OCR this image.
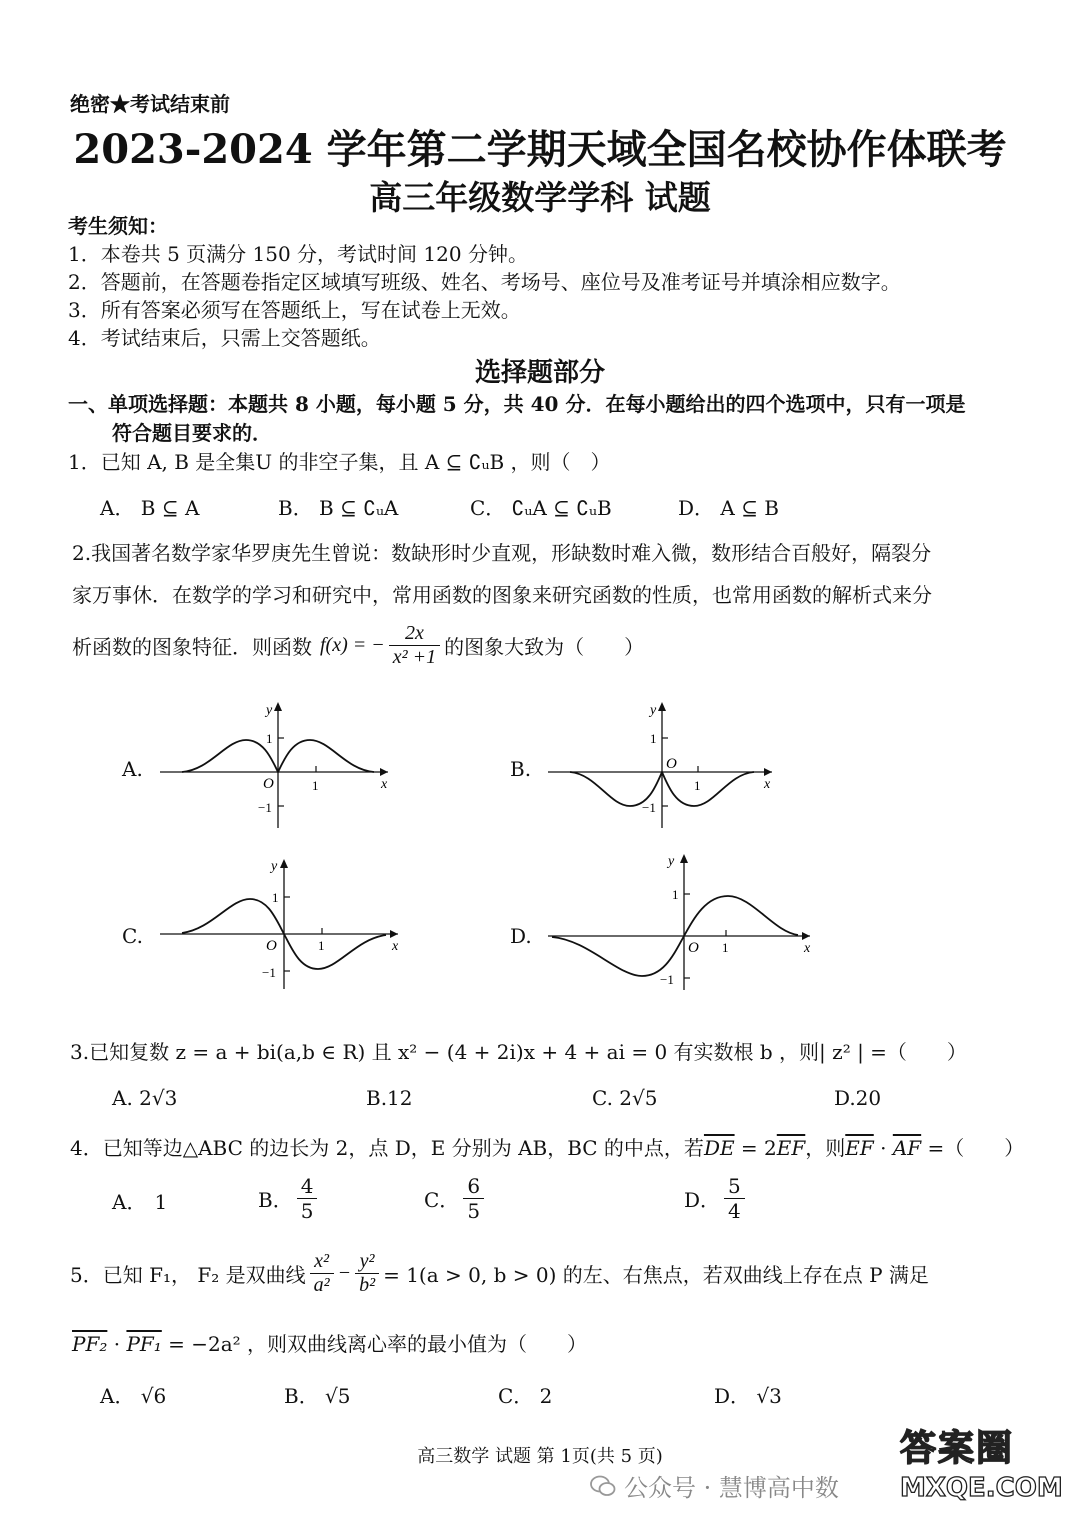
绝密★考试结束前
2023-2024 学年第二学期天域全国名校协作体联考
高三年级数学学科 试题
考生须知：
1．本卷共 5 页满分 150 分，考试时间 120 分钟。
2．答题前，在答题卷指定区域填写班级、姓名、考场号、座位号及准考证号并填涂相应数字。
3．所有答案必须写在答题纸上，写在试卷上无效。
4．考试结束后，只需上交答题纸。
选择题部分
一、单项选择题：本题共 8 小题，每小题 5 分，共 40 分．在每小题给出的四个选项中，只有一项是
符合题目要求的．
1．已知 A, B 是全集U 的非空子集，且 A ⊆ ∁ᵤB ，则（　）
A． B ⊆ A	B． B ⊆ ∁ᵤA	C． ∁ᵤA ⊆ ∁ᵤB	D． A ⊆ B
2.我国著名数学家华罗庚先生曾说：数缺形时少直观，形缺数时难入微，数形结合百般好，隔裂分
家万事休．在数学的学习和研究中，常用函数的图象来研究函数的性质，也常用函数的解析式来分
析函数的图象特征．则函数 f(x) = − $\frac{2x}{\text{x² +1}}$ 的图象大致为（　　）
A.	B.
C.	D.
y
x
O	1
1
−1
y
x
O
1
1
−1
y
x
O	1
1
−1
y
x
O 1
1
−1
3.已知复数 z = a + bi(a,b ∈ R) 且 x² − (4 + 2i)x + 4 + ai = 0 有实数根 b ，则| z² | =（　　）
A. 2√3	B.12	C. 2√5	D.20
4．已知等边△ABC 的边长为 2，点 D，E 分别为 AB，BC 的中点，若$\overline{DE} = 2\overline{EF}$，则$\overline{EF} \cdot \overline{AF}$ =（　　）
A． 1	B． $\frac{4}{5}$	C． $\frac{6}{5}$	D． $\frac{5}{4}$
5．已知 F₁， F₂ 是双曲线 $\frac{\text{x²}}{\text{a²}} - \frac{\text{y²}}{\text{b²}} = 1(a > 0$, b > 0) 的左、右焦点，若双曲线上存在点 P 满足
PF₂ · PF₁ = −2a² ，则双曲线离心率的最小值为（　　）
A． √6	B． √5	C． 2	D． √3
高三数学 试题 第 1页(共 5 页)
公众号 · 慧博高中数
答案圈
MXQE.COM
